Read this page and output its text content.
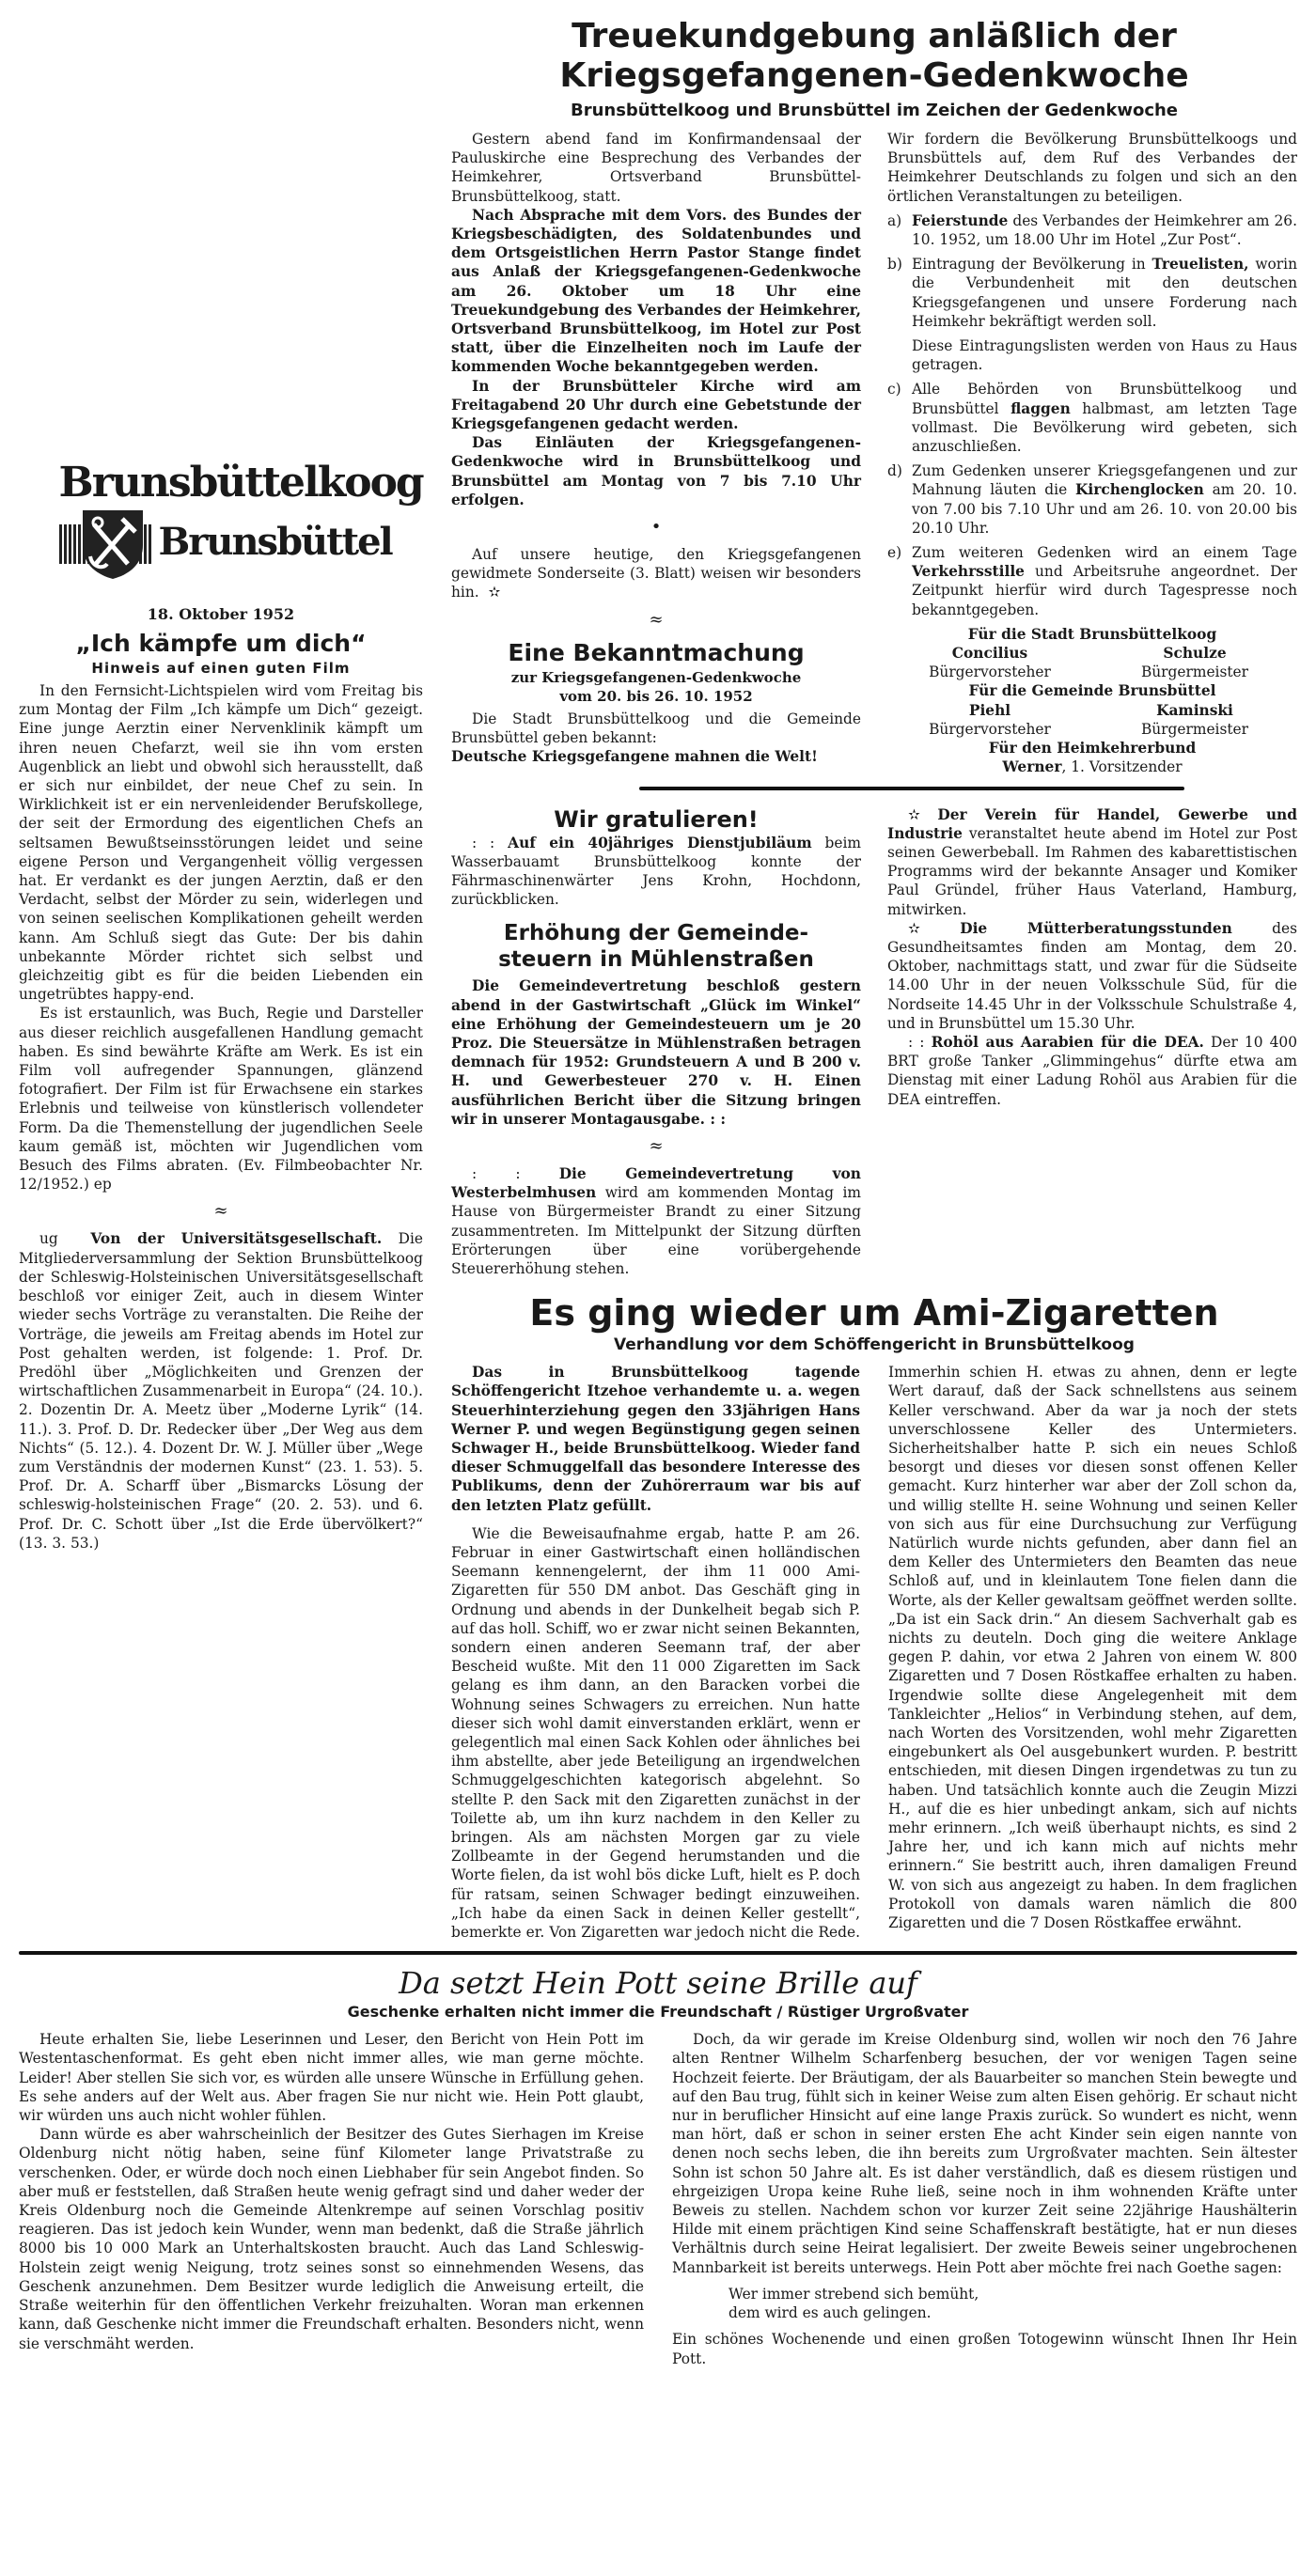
Brunsbüttelkoog
Brunsbüttel
18. Oktober 1952
„Ich kämpfe um dich“
Hinweis auf einen guten Film

In den Fernsicht-Lichtspielen wird vom Freitag bis zum Montag der Film „Ich kämpfe um Dich“ gezeigt. Eine junge Aerztin einer Nervenklinik kämpft um ihren neuen Chefarzt, weil sie ihn vom ersten Augenblick an liebt und obwohl sich herausstellt, daß er sich nur einbildet, der neue Chef zu sein. In Wirklichkeit ist er ein nervenleidender Berufskollege, der seit der Ermordung des eigentlichen Chefs an seltsamen Bewußtseinsstörungen leidet und seine eigene Person und Vergangenheit völlig vergessen hat. Er verdankt es der jungen Aerztin, daß er den Verdacht, selbst der Mörder zu sein, widerlegen und von seinen seelischen Komplikationen geheilt werden kann. Am Schluß siegt das Gute: Der bis dahin unbekannte Mörder richtet sich selbst und gleichzeitig gibt es für die beiden Liebenden ein ungetrübtes happy-end.

Es ist erstaunlich, was Buch, Regie und Darsteller aus dieser reichlich ausgefallenen Handlung gemacht haben. Es sind bewährte Kräfte am Werk. Es ist ein Film voll aufregender Spannungen, glänzend fotografiert. Der Film ist für Erwachsene ein starkes Erlebnis und teilweise von künstlerisch vollendeter Form. Da die Themenstellung der jugendlichen Seele kaum gemäß ist, möchten wir Jugendlichen vom Besuch des Films abraten. (Ev. Filmbeobachter Nr. 12/1952.) ep

≈

ug Von der Universitätsgesellschaft. Die Mitgliederversammlung der Sektion Brunsbüttelkoog der Schleswig-Holsteinischen Universitätsgesellschaft beschloß vor einiger Zeit, auch in diesem Winter wieder sechs Vorträge zu veranstalten. Die Reihe der Vorträge, die jeweils am Freitag abends im Hotel zur Post gehalten werden, ist folgende: 1. Prof. Dr. Predöhl über „Möglichkeiten und Grenzen der wirtschaftlichen Zusammenarbeit in Europa“ (24. 10.). 2. Dozentin Dr. A. Meetz über „Moderne Lyrik“ (14. 11.). 3. Prof. D. Dr. Redecker über „Der Weg aus dem Nichts“ (5. 12.). 4. Dozent Dr. W. J. Müller über „Wege zum Verständnis der modernen Kunst“ (23. 1. 53). 5. Prof. Dr. A. Scharff über „Bismarcks Lösung der schleswig-holsteinischen Frage“ (20. 2. 53). und 6. Prof. Dr. C. Schott über „Ist die Erde übervölkert?“ (13. 3. 53.)

Treuekundgebung anläßlich der
Kriegsgefangenen-Gedenkwoche
Brunsbüttelkoog und Brunsbüttel im Zeichen der Gedenkwoche

Gestern abend fand im Konfirmandensaal der Pauluskirche eine Besprechung des Verbandes der Heimkehrer, Ortsverband Brunsbüttel-Brunsbüttelkoog, statt.

Nach Absprache mit dem Vors. des Bundes der Kriegsbeschädigten, des Soldatenbundes und dem Ortsgeistlichen Herrn Pastor Stange findet aus Anlaß der Kriegsgefangenen-Gedenkwoche am 26. Oktober um 18 Uhr eine Treuekundgebung des Verbandes der Heimkehrer, Ortsverband Brunsbüttelkoog, im Hotel zur Post statt, über die Einzelheiten noch im Laufe der kommenden Woche bekanntgegeben werden.

In der Brunsbütteler Kirche wird am Freitagabend 20 Uhr durch eine Gebetstunde der Kriegsgefangenen gedacht werden.

Das Einläuten der Kriegsgefangenen-Gedenkwoche wird in Brunsbüttelkoog und Brunsbüttel am Montag von 7 bis 7.10 Uhr erfolgen.

•

Auf unsere heutige, den Kriegsgefangenen gewidmete Sonderseite (3. Blatt) weisen wir besonders hin. ✫

≈
Eine Bekanntmachung
zur Kriegsgefangenen-Gedenkwoche
vom 20. bis 26. 10. 1952

Die Stadt Brunsbüttelkoog und die Gemeinde Brunsbüttel geben bekannt:

Deutsche Kriegsgefangene mahnen die Welt!

Wir fordern die Bevölkerung Brunsbüttelkoogs und Brunsbüttels auf, dem Ruf des Verbandes der Heimkehrer Deutschlands zu folgen und sich an den örtlichen Veranstaltungen zu beteiligen.

a) Feierstunde des Verbandes der Heimkehrer am 26. 10. 1952, um 18.00 Uhr im Hotel „Zur Post“.
b) Eintragung der Bevölkerung in Treuelisten, worin die Verbundenheit mit den deutschen Kriegsgefangenen und unsere Forderung nach Heimkehr bekräftigt werden soll.
Diese Eintragungslisten werden von Haus zu Haus getragen.
c) Alle Behörden von Brunsbüttelkoog und Brunsbüttel flaggen halbmast, am letzten Tage vollmast. Die Bevölkerung wird gebeten, sich anzuschließen.
d) Zum Gedenken unserer Kriegsgefangenen und zur Mahnung läuten die Kirchenglocken am 20. 10. von 7.00 bis 7.10 Uhr und am 26. 10. von 20.00 bis 20.10 Uhr.
e) Zum weiteren Gedenken wird an einem Tage Verkehrsstille und Arbeitsruhe angeordnet. Der Zeitpunkt hierfür wird durch Tagespresse noch bekanntgegeben.
Für die Stadt Brunsbüttelkoog
Concilius	Schulze
Bürgervorsteher	Bürgermeister
Für die Gemeinde Brunsbüttel
Piehl	Kaminski
Bürgervorsteher	Bürgermeister
Für den Heimkehrerbund
Werner, 1. Vorsitzender
Wir gratulieren!

: : Auf ein 40jähriges Dienstjubiläum beim Wasserbauamt Brunsbüttelkoog konnte der Fährmaschinenwärter Jens Krohn, Hochdonn, zurückblicken.

Erhöhung der Gemeinde-
steuern in Mühlenstraßen

Die Gemeindevertretung beschloß gestern abend in der Gastwirtschaft „Glück im Winkel“ eine Erhöhung der Gemeindesteuern um je 20 Proz. Die Steuersätze in Mühlenstraßen betragen demnach für 1952: Grundsteuern A und B 200 v. H. und Gewerbesteuer 270 v. H. Einen ausführlichen Bericht über die Sitzung bringen wir in unserer Montagausgabe. : :

≈

: :	Die Gemeindevertretung von Westerbelmhusen wird am kommenden Montag im Hause von Bürgermeister Brandt zu einer Sitzung zusammentreten. Im Mittelpunkt der Sitzung dürften Erörterungen über eine vorübergehende Steuererhöhung stehen.

✫ Der Verein für Handel, Gewerbe und Industrie veranstaltet heute abend im Hotel zur Post seinen Gewerbeball. Im Rahmen des kabarettistischen Programms wird der bekannte Ansager und Komiker Paul Gründel, früher Haus Vaterland, Hamburg, mitwirken.

✫	Die Mütterberatungsstunden des Gesundheitsamtes finden am Montag, dem 20. Oktober, nachmittags statt, und zwar für die Südseite 14.00 Uhr in der neuen Volksschule Süd, für die Nordseite 14.45 Uhr in der Volksschule Schulstraße 4, und in Brunsbüttel um 15.30 Uhr.

: : Rohöl aus Aarabien für die DEA. Der 10 400 BRT große Tanker „Glimmingehus“ dürfte etwa am Dienstag mit einer Ladung Rohöl aus Arabien für die DEA eintreffen.

Es ging wieder um Ami-Zigaretten
Verhandlung vor dem Schöffengericht in Brunsbüttelkoog

Das in Brunsbüttelkoog tagende Schöffengericht Itzehoe verhandemte u. a. wegen Steuerhinterziehung gegen den 33jährigen Hans Werner P. und wegen Begünstigung gegen seinen Schwager H., beide Brunsbüttelkoog. Wieder fand dieser Schmuggelfall das besondere Interesse des Publikums, denn der Zuhörerraum war bis auf den letzten Platz gefüllt.

Wie die Beweisaufnahme ergab, hatte P. am 26. Februar in einer Gastwirtschaft einen holländischen Seemann kennengelernt, der ihm 11 000 Ami-Zigaretten für 550 DM anbot. Das Geschäft ging in Ordnung und abends in der Dunkelheit begab sich P. auf das holl. Schiff, wo er zwar nicht seinen Bekannten, sondern einen anderen Seemann traf, der aber Bescheid wußte. Mit den 11 000 Zigaretten im Sack gelang es ihm dann, an den Baracken vorbei die Wohnung seines Schwagers zu erreichen. Nun hatte dieser sich wohl damit einverstanden erklärt, wenn er gelegentlich mal einen Sack Kohlen oder ähnliches bei ihm abstellte, aber jede Beteiligung an irgendwelchen Schmuggelgeschichten kategorisch abgelehnt. So stellte P. den Sack mit den Zigaretten zunächst in der Toilette ab, um ihn kurz nachdem in den Keller zu bringen. Als am nächsten Morgen gar zu viele Zollbeamte in der Gegend herumstanden und die Worte fielen, da ist wohl bös dicke Luft, hielt es P. doch für ratsam, seinen Schwager bedingt einzuweihen. „Ich habe da einen Sack in deinen Keller gestellt“, bemerkte er. Von Zigaretten war jedoch nicht die Rede. Immerhin schien H. etwas zu ahnen, denn er legte Wert darauf, daß der Sack schnellstens aus seinem Keller verschwand. Aber da war ja noch der stets unverschlossene Keller des Untermieters. Sicherheitshalber hatte P. sich ein neues Schloß besorgt und dieses vor diesen sonst offenen Keller gemacht. Kurz hinterher war aber der Zoll schon da, und willig stellte H. seine Wohnung und seinen Keller von sich aus für eine Durchsuchung zur Verfügung Natürlich wurde nichts gefunden, aber dann fiel an dem Keller des Untermieters den Beamten das neue Schloß auf, und in kleinlautem Tone fielen dann die Worte, als der Keller gewaltsam geöffnet werden sollte. „Da ist ein Sack drin.“ An diesem Sachverhalt gab es nichts zu deuteln. Doch ging die weitere Anklage gegen P. dahin, vor etwa 2 Jahren von einem W. 800 Zigaretten und 7 Dosen Röstkaffee erhalten zu haben. Irgendwie sollte diese Angelegenheit mit dem Tankleichter „Helios“ in Verbindung stehen, auf dem, nach Worten des Vorsitzenden, wohl mehr Zigaretten eingebunkert als Oel ausgebunkert wurden. P. bestritt entschieden, mit diesen Dingen irgendetwas zu tun zu haben. Und tatsächlich konnte auch die Zeugin Mizzi H., auf die es hier unbedingt ankam, sich auf nichts mehr erinnern. „Ich weiß überhaupt nichts, es sind 2 Jahre her, und ich kann mich auf nichts mehr erinnern.“ Sie bestritt auch, ihren damaligen Freund W. von sich aus angezeigt zu haben. In dem fraglichen Protokoll von damals waren nämlich die 800 Zigaretten und die 7 Dosen Röstkaffee erwähnt.

Da setzt Hein Pott seine Brille auf
Geschenke erhalten nicht immer die Freundschaft / Rüstiger Urgroßvater

Heute erhalten Sie, liebe Leserinnen und Leser, den Bericht von Hein Pott im Westentaschenformat. Es geht eben nicht immer alles, wie man gerne möchte. Leider! Aber stellen Sie sich vor, es würden alle unsere Wünsche in Erfüllung gehen. Es sehe anders auf der Welt aus. Aber fragen Sie nur nicht wie. Hein Pott glaubt, wir würden uns auch nicht wohler fühlen.

Dann würde es aber wahrscheinlich der Besitzer des Gutes Sierhagen im Kreise Oldenburg nicht nötig haben, seine fünf Kilometer lange Privatstraße zu verschenken. Oder, er würde doch noch einen Liebhaber für sein Angebot finden. So aber muß er feststellen, daß Straßen heute wenig gefragt sind und daher weder der Kreis Oldenburg noch die Gemeinde Altenkrempe auf seinen Vorschlag positiv reagieren. Das ist jedoch kein Wunder, wenn man bedenkt, daß die Straße jährlich 8000 bis 10 000 Mark an Unterhaltskosten braucht. Auch das Land Schleswig-Holstein zeigt wenig Neigung, trotz seines sonst so einnehmenden Wesens, das Geschenk anzunehmen. Dem Besitzer wurde lediglich die Anweisung erteilt, die Straße weiterhin für den öffentlichen Verkehr freizuhalten. Woran man erkennen kann, daß Geschenke nicht immer die Freundschaft erhalten. Besonders nicht, wenn sie verschmäht werden.

Doch, da wir gerade im Kreise Oldenburg sind, wollen wir noch den 76 Jahre alten Rentner Wilhelm Scharfenberg besuchen, der vor wenigen Tagen seine Hochzeit feierte. Der Bräutigam, der als Bauarbeiter so manchen Stein bewegte und auf den Bau trug, fühlt sich in keiner Weise zum alten Eisen gehörig. Er schaut nicht nur in beruflicher Hinsicht auf eine lange Praxis zurück. So wundert es nicht, wenn man hört, daß er schon in seiner ersten Ehe acht Kinder sein eigen nannte von denen noch sechs leben, die ihn bereits zum Urgroßvater machten. Sein ältester Sohn ist schon 50 Jahre alt. Es ist daher verständlich, daß es diesem rüstigen und ehrgeizigen Uropa keine Ruhe ließ, seine noch in ihm wohnenden Kräfte unter Beweis zu stellen. Nachdem schon vor kurzer Zeit seine 22jährige Haushälterin Hilde mit einem prächtigen Kind seine Schaffenskraft bestätigte, hat er nun dieses Verhältnis durch seine Heirat legalisiert. Der zweite Beweis seiner ungebrochenen Mannbarkeit ist bereits unterwegs. Hein Pott aber möchte frei nach Goethe sagen:

Wer immer strebend sich bemüht,
dem wird es auch gelingen.

Ein schönes Wochenende und einen großen Totogewinn wünscht Ihnen Ihr Hein Pott.
